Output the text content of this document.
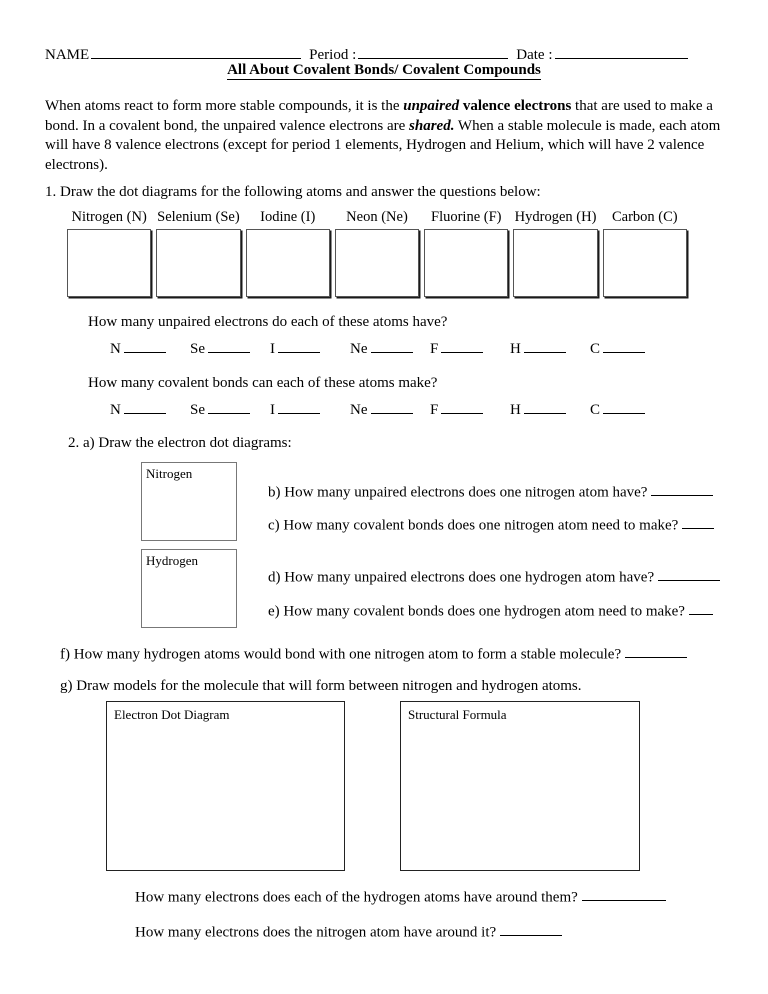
NAME	Period :	Date :
All About Covalent Bonds/ Covalent Compounds
When atoms react to form more stable compounds, it is the unpaired valence electrons that are used to make a bond. In a covalent bond, the unpaired valence electrons are shared. When a stable molecule is made, each atom will have 8 valence electrons (except for period 1 elements, Hydrogen and Helium, which will have 2 valence electrons).
1. Draw the dot diagrams for the following atoms and answer the questions below:
Nitrogen (N) Selenium (Se)	Iodine (I)	Neon (Ne)	Fluorine (F) Hydrogen (H)	Carbon (C)
How many unpaired electrons do each of these atoms have?
N	Se	I	Ne	F	H	C
How many covalent bonds can each of these atoms make?
N	Se	I	Ne	F	H	C
2. a) Draw the electron dot diagrams:
Nitrogen
Hydrogen
b) How many unpaired electrons does one nitrogen atom have?
c) How many covalent bonds does one nitrogen atom need to make?
d) How many unpaired electrons does one hydrogen atom have?
e) How many covalent bonds does one hydrogen atom need to make?
f) How many hydrogen atoms would bond with one nitrogen atom to form a stable molecule?
g) Draw models for the molecule that will form between nitrogen and hydrogen atoms.
Electron Dot Diagram	Structural Formula
How many electrons does each of the hydrogen atoms have around them?
How many electrons does the nitrogen atom have around it?
